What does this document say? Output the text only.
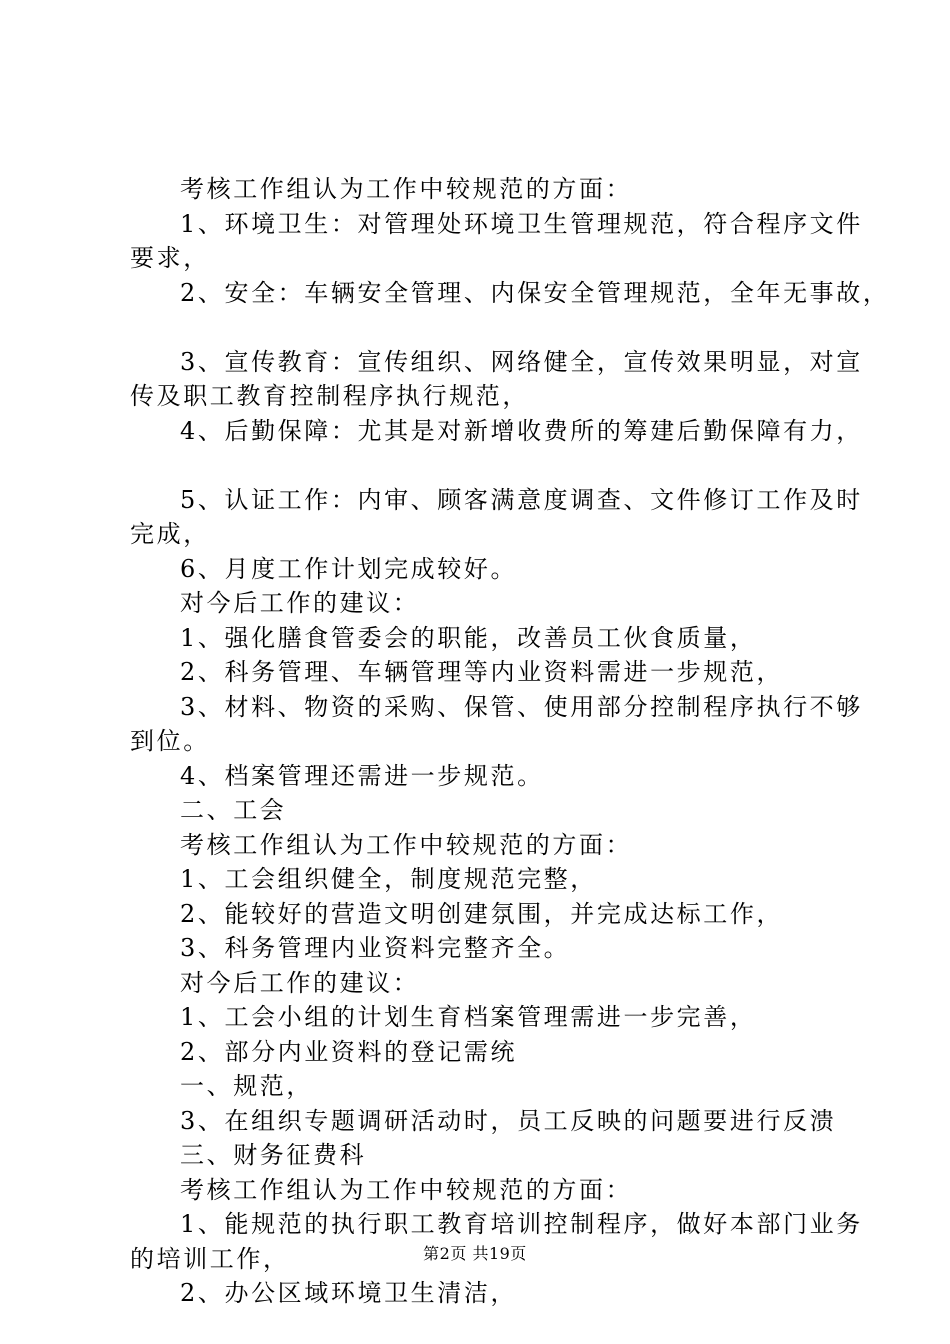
考核工作组认为工作中较规范的方面：

1、环境卫生：对管理处环境卫生管理规范，符合程序文件

要求，

2、安全：车辆安全管理、内保安全管理规范，全年无事故，

3、宣传教育：宣传组织、网络健全，宣传效果明显，对宣

传及职工教育控制程序执行规范，

4、后勤保障：尤其是对新增收费所的筹建后勤保障有力，

5、认证工作：内审、顾客满意度调查、文件修订工作及时

完成，

6、月度工作计划完成较好。

对今后工作的建议：

1、强化膳食管委会的职能，改善员工伙食质量，

2、科务管理、车辆管理等内业资料需进一步规范，

3、材料、物资的采购、保管、使用部分控制程序执行不够

到位。

4、档案管理还需进一步规范。

二、工会

考核工作组认为工作中较规范的方面：

1、工会组织健全，制度规范完整，

2、能较好的营造文明创建氛围，并完成达标工作，

3、科务管理内业资料完整齐全。

对今后工作的建议：

1、工会小组的计划生育档案管理需进一步完善，

2、部分内业资料的登记需统

一、规范，

3、在组织专题调研活动时，员工反映的问题要进行反溃

三、财务征费科

考核工作组认为工作中较规范的方面：

1、能规范的执行职工教育培训控制程序，做好本部门业务

的培训工作，

2、办公区域环境卫生清洁，

第2页 共19页
